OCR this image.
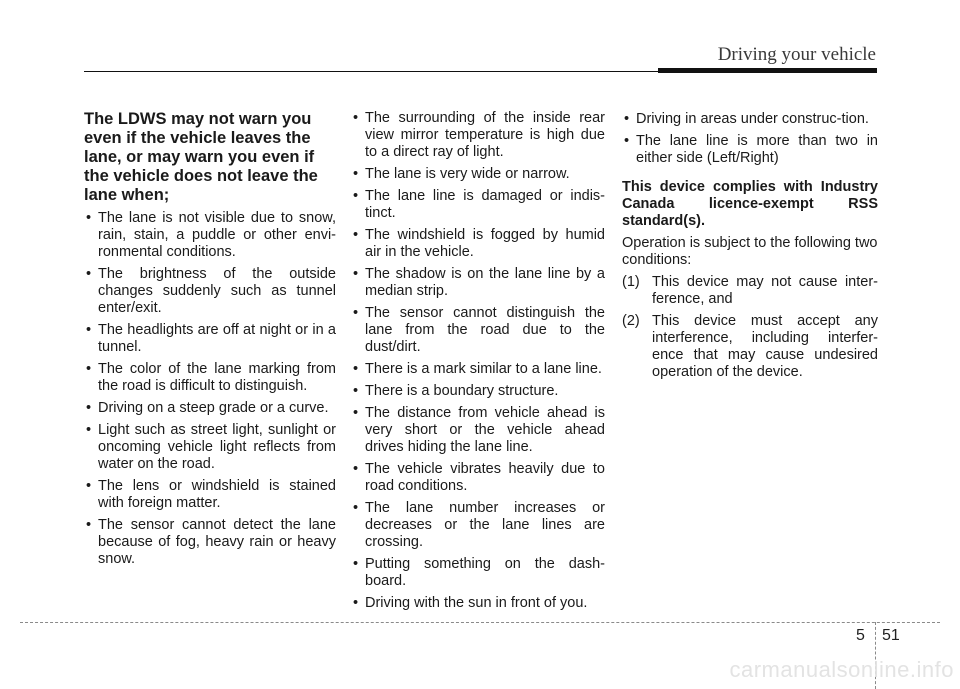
Driving your vehicle
The LDWS may not warn you even if the vehicle leaves the lane, or may warn you even if the vehicle does not leave the lane when;
• The lane is not visible due to snow, rain, stain, a puddle or other envi-ronmental conditions.
• The brightness of the outside changes suddenly such as tunnel enter/exit.
• The headlights are off at night or in a tunnel.
• The color of the lane marking from the road is difficult to distinguish.
• Driving on a steep grade or a curve.
• Light such as street light, sunlight or oncoming vehicle light reflects from water on the road.
• The lens or windshield is stained with foreign matter.
• The sensor cannot detect the lane because of fog, heavy rain or heavy snow.
• The surrounding of the inside rear view mirror temperature is high due to a direct ray of light.
• The lane is very wide or narrow.
• The lane line is damaged or indis-tinct.
• The windshield is fogged by humid air in the vehicle.
• The shadow is on the lane line by a median strip.
• The sensor cannot distinguish the lane from the road due to the dust/dirt.
• There is a mark similar to a lane line.
• There is a boundary structure.
• The distance from vehicle ahead is very short or the vehicle ahead drives hiding the lane line.
• The vehicle vibrates heavily due to road conditions.
• The lane number increases or decreases or the lane lines are crossing.
• Putting something on the dash-board.
• Driving with the sun in front of you.
• Driving in areas under construc-tion.
• The lane line is more than two in either side (Left/Right)
This device complies with Industry Canada licence-exempt RSS standard(s).
Operation is subject to the following two conditions:
(1) This device may not cause inter-ference, and
(2) This device must accept any interference, including interfer-ence that may cause undesired operation of the device.
5 51
carmanualsonline.info
